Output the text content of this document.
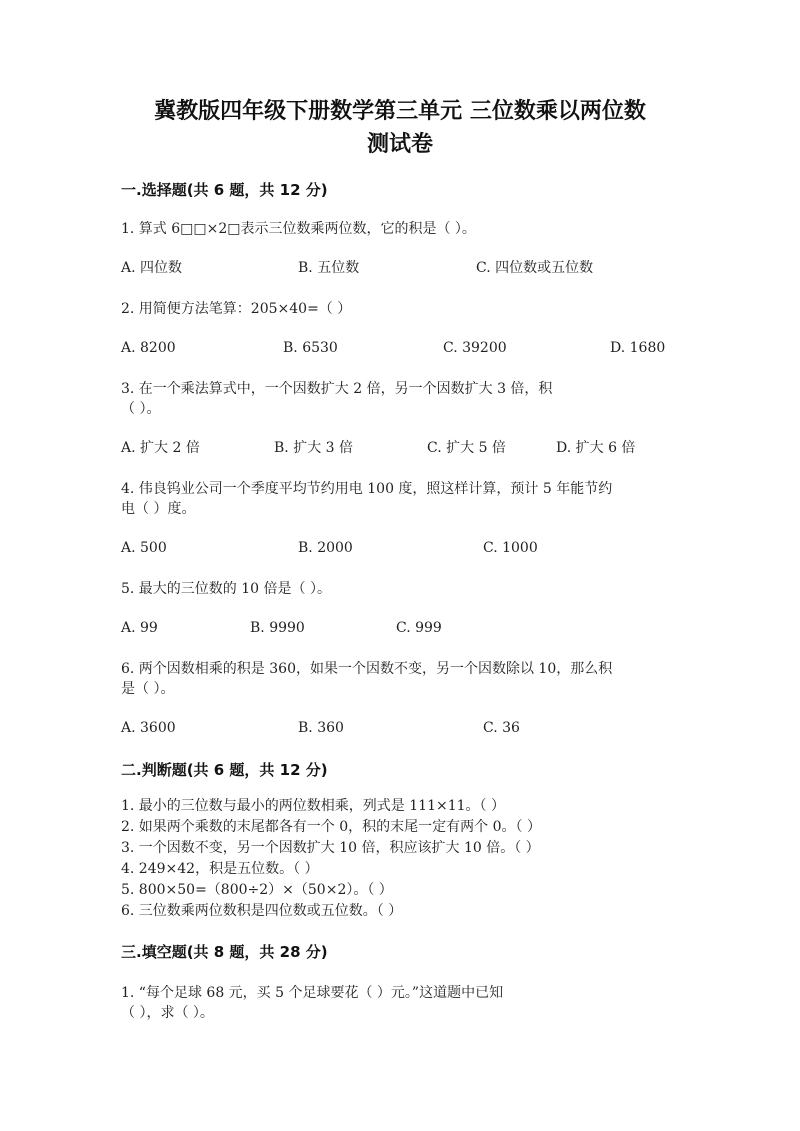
冀教版四年级下册数学第三单元 三位数乘以两位数
测试卷
一.选择题(共 6 题，共 12 分)
1. 算式 6□□×2□表示三位数乘两位数，它的积是（ ）。
A. 四位数	B. 五位数	C. 四位数或五位数
2. 用简便方法笔算：205×40=（ ）
A. 8200	B. 6530	C. 39200	D. 1680
3. 在一个乘法算式中，一个因数扩大 2 倍，另一个因数扩大 3 倍，积
（ ）。
A. 扩大 2 倍	B. 扩大 3 倍	C. 扩大 5 倍	D. 扩大 6 倍
4. 伟良钨业公司一个季度平均节约用电 100 度，照这样计算，预计 5 年能节约
电（ ）度。
A. 500	B. 2000	C. 1000
5. 最大的三位数的 10 倍是（ ）。
A. 99	B. 9990	C. 999
6. 两个因数相乘的积是 360，如果一个因数不变，另一个因数除以 10，那么积
是（ ）。
A. 3600	B. 360	C. 36
二.判断题(共 6 题，共 12 分)
1. 最小的三位数与最小的两位数相乘，列式是 111×11。（ ）
2. 如果两个乘数的末尾都各有一个 0，积的末尾一定有两个 0。（ ）
3. 一个因数不变，另一个因数扩大 10 倍，积应该扩大 10 倍。（ ）
4. 249×42，积是五位数。（ ）
5. 800×50=（800÷2）×（50×2）。（ ）
6. 三位数乘两位数积是四位数或五位数。（ ）
三.填空题(共 8 题，共 28 分)
1. “每个足球 68 元，买 5 个足球要花（ ）元。”这道题中已知
（ ），求（ ）。
